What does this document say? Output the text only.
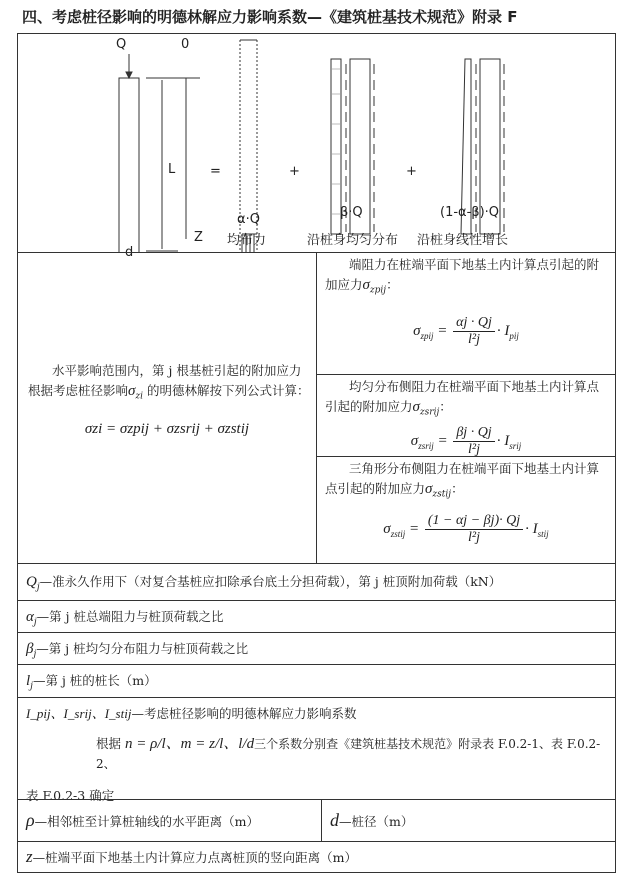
四、考虑桩径影响的明德林解应力影响系数—《建筑桩基技术规范》附录 F
Q	0
L
Z
d
=	+	+
α·Q	β·Q	(1-α-β)·Q
均布力	沿桩身均匀分布 沿桩身线性增长
水平影响范围内，第 j 根基桩引起的附加应力根据考虑桩径影响$\sigma_{zi}$ 的明德林解按下列公式计算：
σzi = σzpij + σzsrij + σzstij
端阻力在桩端平面下地基土内计算点引起的附加应力$\sigma_{zpij}$：
$\sigma_{zpij} = \frac{\alpha j \cdot Qj}{\text{l²j}} \cdot I_{pij}$
均匀分布侧阻力在桩端平面下地基土内计算点引起的附加应力$\sigma_{zsrij}$：
$\sigma_{zsrij} = \frac{\beta j \cdot Qj}{\text{l²j}} \cdot I_{srij}$
三角形分布侧阻力在桩端平面下地基土内计算点引起的附加应力$\sigma_{zstij}$：
$\sigma_{zstij} = \frac{(1 - \alpha j - \beta j)\cdot Qj}{\text{l²j}} \cdot I_{stij}$
$Q_j—$准永久作用下（对复合基桩应扣除承台底土分担荷载），第 j 桩顶附加荷载（kN）
$\alpha_j—$第 j 桩总端阻力与桩顶荷载之比
$\beta_j—$第 j 桩均匀分布阻力与桩顶荷载之比
$l_j—$第 j 桩的桩长（m）
I_pij、I_srij、I_stij—考虑桩径影响的明德林解应力影响系数
根据 n = ρ/l、m = z/l、l/d三个系数分别查《建筑桩基技术规范》附录表 F.0.2-1、表 F.0.2-2、
表 F.0.2-3 确定
ρ—相邻桩至计算桩轴线的水平距离（m）	d—桩径（m）
z—桩端平面下地基土内计算应力点离桩顶的竖向距离（m）
